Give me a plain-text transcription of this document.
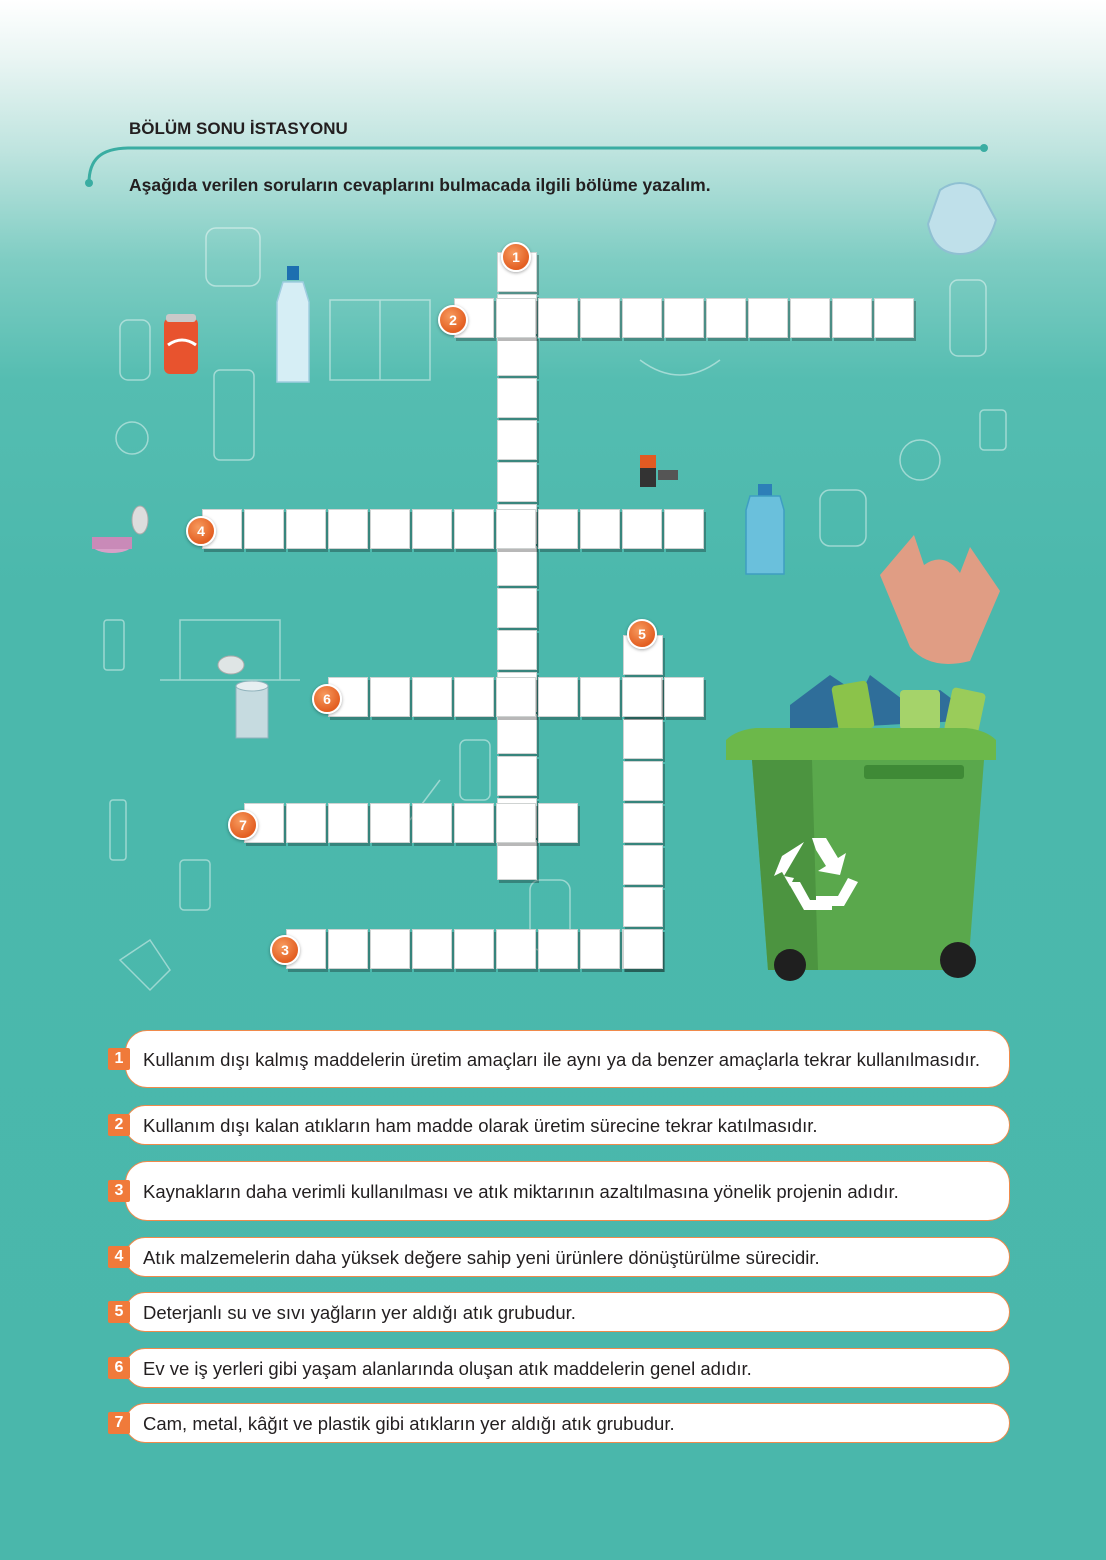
BÖLÜM SONU İSTASYONU

Aşağıda verilen soruların cevaplarını bulmacada ilgili bölüme yazalım.

1
2
3
4
5
6
7
Kullanım dışı kalmış maddelerin üretim amaçları ile aynı ya da benzer amaçlarla tekrar kullanılmasıdır.
1
Kullanım dışı kalan atıkların ham madde olarak üretim sürecine tekrar katılmasıdır.
2
Kaynakların daha verimli kullanılması ve atık miktarının azaltılmasına yönelik projenin adıdır.
3
Atık malzemelerin daha yüksek değere sahip yeni ürünlere dönüştürülme sürecidir.
4
Deterjanlı su ve sıvı yağların yer aldığı atık grubudur.
5
Ev ve iş yerleri gibi yaşam alanlarında oluşan atık maddelerin genel adıdır.
6
Cam, metal, kâğıt ve plastik gibi atıkların yer aldığı atık grubudur.
7
